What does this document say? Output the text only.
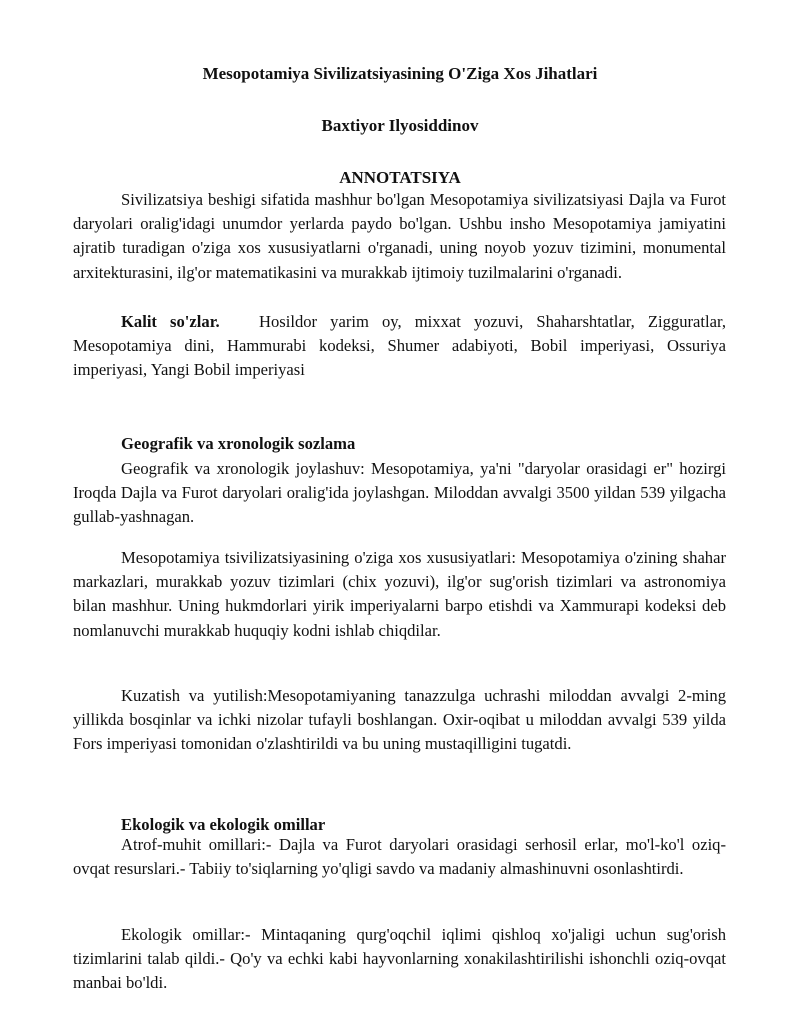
Mesopotamiya Sivilizatsiyasining O'Ziga Xos Jihatlari
Baxtiyor Ilyosiddinov
ANNOTATSIYA

Sivilizatsiya beshigi sifatida mashhur bo'lgan Mesopotamiya sivilizatsiyasi Dajla va Furot daryolari oralig'idagi unumdor yerlarda paydo bo'lgan. Ushbu insho Mesopotamiya jamiyatini ajratib turadigan o'ziga xos xususiyatlarni o'rganadi, uning noyob yozuv tizimini, monumental arxitekturasini, ilg'or matematikasini va murakkab ijtimoiy tuzilmalarini o'rganadi.

Kalit so'zlar. Hosildor yarim oy, mixxat yozuvi, Shaharshtatlar, Zigguratlar, Mesopotamiya dini, Hammurabi kodeksi, Shumer adabiyoti, Bobil imperiyasi, Ossuriya imperiyasi, Yangi Bobil imperiyasi

Geografik va xronologik sozlama

Geografik va xronologik joylashuv: Mesopotamiya, ya'ni "daryolar orasidagi er" hozirgi Iroqda Dajla va Furot daryolari oralig'ida joylashgan. Miloddan avvalgi 3500 yildan 539 yilgacha gullab-yashnagan.

Mesopotamiya tsivilizatsiyasining o'ziga xos xususiyatlari: Mesopotamiya o'zining shahar markazlari, murakkab yozuv tizimlari (chix yozuvi), ilg'or sug'orish tizimlari va astronomiya bilan mashhur. Uning hukmdorlari yirik imperiyalarni barpo etishdi va Xammurapi kodeksi deb nomlanuvchi murakkab huquqiy kodni ishlab chiqdilar.

Kuzatish va yutilish:Mesopotamiyaning tanazzulga uchrashi miloddan avvalgi 2-ming yillikda bosqinlar va ichki nizolar tufayli boshlangan. Oxir-oqibat u miloddan avvalgi 539 yilda Fors imperiyasi tomonidan o'zlashtirildi va bu uning mustaqilligini tugatdi.

Ekologik va ekologik omillar

Atrof-muhit omillari:- Dajla va Furot daryolari orasidagi serhosil erlar, mo'l-ko'l oziq-ovqat resurslari.- Tabiiy to'siqlarning yo'qligi savdo va madaniy almashinuvni osonlashtirdi.

Ekologik omillar:- Mintaqaning qurg'oqchil iqlimi qishloq xo'jaligi uchun sug'orish tizimlarini talab qildi.- Qo'y va echki kabi hayvonlarning xonakilashtirilishi ishonchli oziq-ovqat manbai bo'ldi.
